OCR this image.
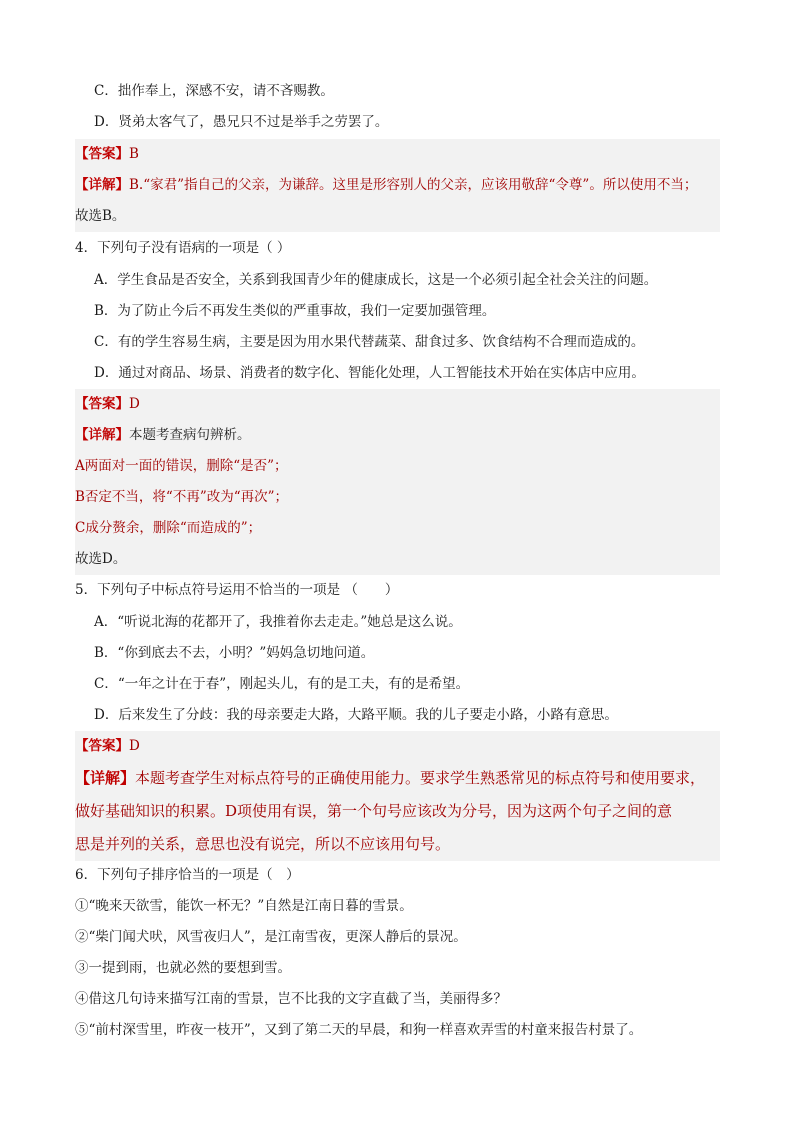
C．拙作奉上，深感不安，请不吝赐教。
D．贤弟太客气了，愚兄只不过是举手之劳罢了。
【答案】B
【详解】B.“家君”指自己的父亲，为谦辞。这里是形容别人的父亲，应该用敬辞“令尊”。所以使用不当；
故选B。
4．下列句子没有语病的一项是（ ）
A．学生食品是否安全，关系到我国青少年的健康成长，这是一个必须引起全社会关注的问题。
B．为了防止今后不再发生类似的严重事故，我们一定要加强管理。
C．有的学生容易生病，主要是因为用水果代替蔬菜、甜食过多、饮食结构不合理而造成的。
D．通过对商品、场景、消费者的数字化、智能化处理，人工智能技术开始在实体店中应用。
【答案】D
【详解】本题考查病句辨析。
A两面对一面的错误，删除“是否”；
B否定不当，将“不再”改为“再次”；
C成分赘余，删除“而造成的”；
故选D。
5．下列句子中标点符号运用不恰当的一项是 （　　）
A．“听说北海的花都开了，我推着你去走走。”她总是这么说。
B．“你到底去不去，小明？”妈妈急切地问道。
C．“一年之计在于春”，刚起头儿，有的是工夫，有的是希望。
D．后来发生了分歧：我的母亲要走大路，大路平顺。我的儿子要走小路，小路有意思。
【答案】D
【详解】本题考查学生对标点符号的正确使用能力。要求学生熟悉常见的标点符号和使用要求，
做好基础知识的积累。D项使用有误，第一个句号应该改为分号，因为这两个句子之间的意
思是并列的关系，意思也没有说完，所以不应该用句号。
6．下列句子排序恰当的一项是（　）
①“晚来天欲雪，能饮一杯无？”自然是江南日暮的雪景。
②“柴门闻犬吠，风雪夜归人”，是江南雪夜，更深人静后的景况。
③一提到雨，也就必然的要想到雪。
④借这几句诗来描写江南的雪景，岂不比我的文字直截了当，美丽得多？
⑤“前村深雪里，昨夜一枝开”，又到了第二天的早晨，和狗一样喜欢弄雪的村童来报告村景了。
